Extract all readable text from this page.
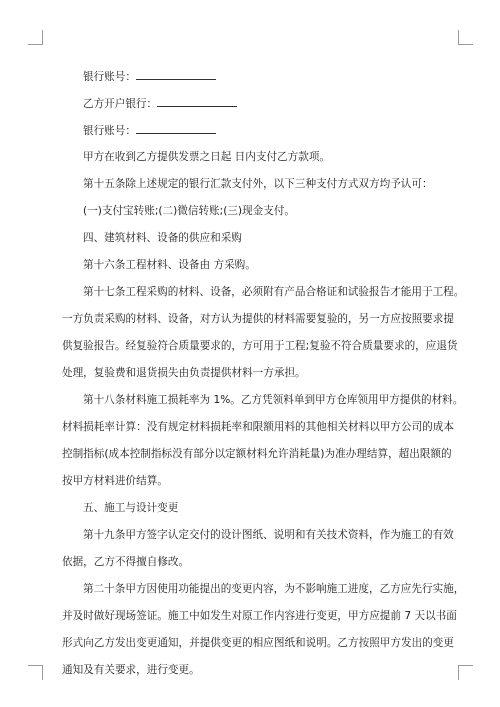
银行账号：
乙方开户银行：
银行账号：
甲方在收到乙方提供发票之日起 日内支付乙方款项。
第十五条除上述规定的银行汇款支付外，以下三种支付方式双方均予认可：
(一)支付宝转账;(二)微信转账;(三)现金支付。
四、建筑材料、设备的供应和采购
第十六条工程材料、设备由 方采购。
第十七条工程采购的材料、设备，必须附有产品合格证和试验报告才能用于工程。
一方负责采购的材料、设备，对方认为提供的材料需要复验的，另一方应按照要求提
供复验报告。经复验符合质量要求的，方可用于工程;复验不符合质量要求的，应退货
处理，复验费和退货损失由负责提供材料一方承担。
第十八条材料施工损耗率为 1%。乙方凭领料单到甲方仓库领用甲方提供的材料。
材料损耗率计算：没有规定材料损耗率和限额用料的其他相关材料以甲方公司的成本
控制指标(成本控制指标没有部分以定额材料允许消耗量)为准办理结算，超出限额的
按甲方材料进价结算。
五、施工与设计变更
第十九条甲方签字认定交付的设计图纸、说明和有关技术资料，作为施工的有效
依据，乙方不得擅自修改。
第二十条甲方因使用功能提出的变更内容，为不影响施工进度，乙方应先行实施，
并及时做好现场签证。施工中如发生对原工作内容进行变更，甲方应提前 7 天以书面
形式向乙方发出变更通知，并提供变更的相应图纸和说明。乙方按照甲方发出的变更
通知及有关要求，进行变更。
